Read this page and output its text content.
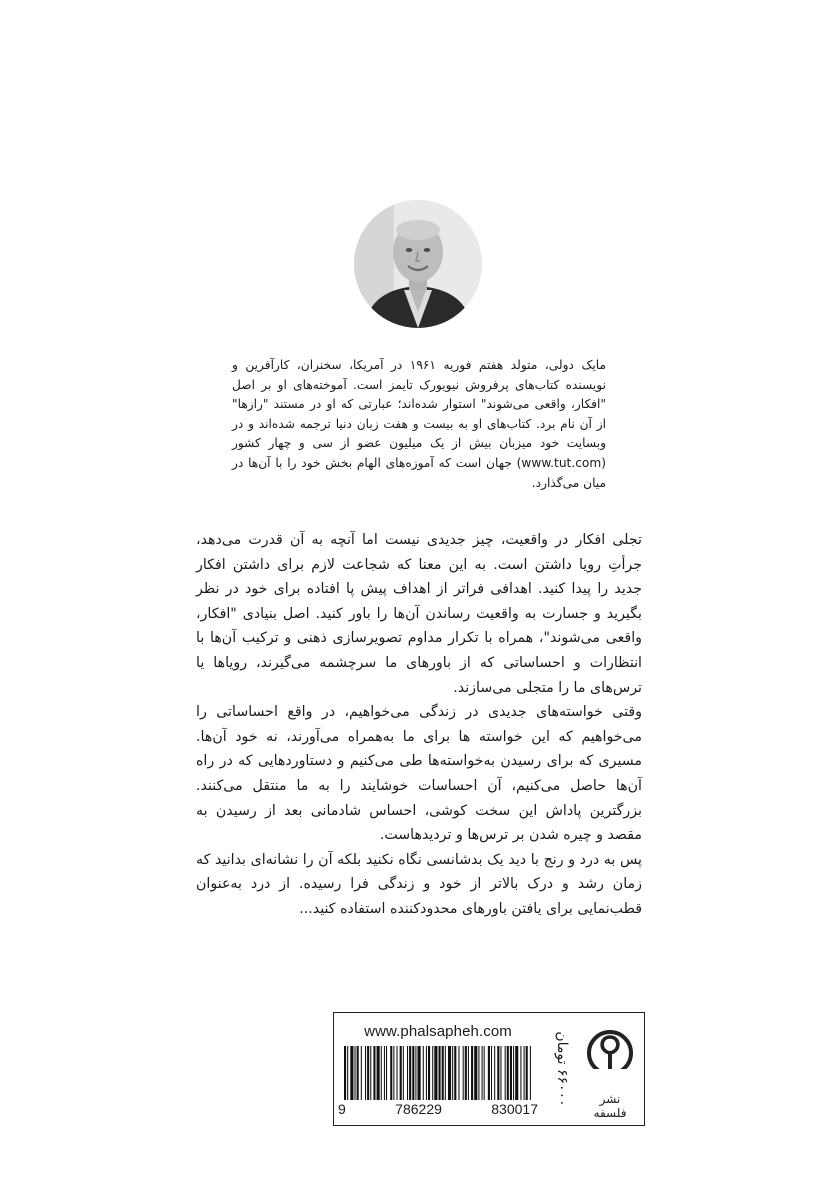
مایک دولی، متولد هفتم فوریه ۱۹۶۱ در آمریکا، سخنران، کارآفرین و نویسنده کتاب‌های پرفروش نیویورک تایمز است. آموخته‌های او بر اصل "افکار، واقعی می‌شوند" استوار شده‌اند؛ عبارتی که او در مستند "رازها" از آن نام برد. کتاب‌های او به بیست و هفت زبان دنیا ترجمه شده‌اند و در وبسایت خود میزبان بیش از یک میلیون عضو از سی و چهار کشور (www.tut.com) جهان است که آموزه‌های الهام بخش خود را با آن‌ها در میان می‌گذارد.

تجلی افکار در واقعیت، چیز جدیدی نیست اما آنچه به آن قدرت می‌دهد، جرأتِ رویا داشتن است. به این معنا که شجاعت لازم برای داشتن افکار جدید را پیدا کنید. اهدافی فراتر از اهداف پیش پا افتاده برای خود در نظر بگیرید و جسارت به واقعیت رساندن آن‌ها را باور کنید. اصل بنیادی "افکار، واقعی می‌شوند"، همراه با تکرار مداوم تصویرسازی ذهنی و ترکیب آن‌ها با انتظارات و احساساتی که از باورهای ما سرچشمه می‌گیرند، رویاها یا ترس‌های ما را متجلی می‌سازند.

وقتی خواسته‌های جدیدی در زندگی می‌خواهیم، در واقع احساساتی را می‌خواهیم که این خواسته ها برای ما به‌همراه می‌آورند، نه خود آن‌ها. مسیری که برای رسیدن به‌خواسته‌ها طی می‌کنیم و دستاوردهایی که در راه آن‌ها حاصل می‌کنیم، آن احساسات خوشایند را به ما منتقل می‌کنند. بزرگترین پاداش این سخت کوشی، احساس شادمانی بعد از رسیدن به مقصد و چیره شدن بر ترس‌ها و تردیدهاست.

پس به درد و رنج با دید یک بدشانسی نگاه نکنید بلکه آن را نشانه‌ای بدانید که زمان رشد و درک بالاتر از خود و زندگی فرا رسیده. از درد به‌عنوان قطب‌نمایی برای یافتن باورهای محدودکننده استفاده کنید...

نشر فلسفه
www.phalsapheh.com
9	786229	830017
۶۶۰۰۰ تومان
